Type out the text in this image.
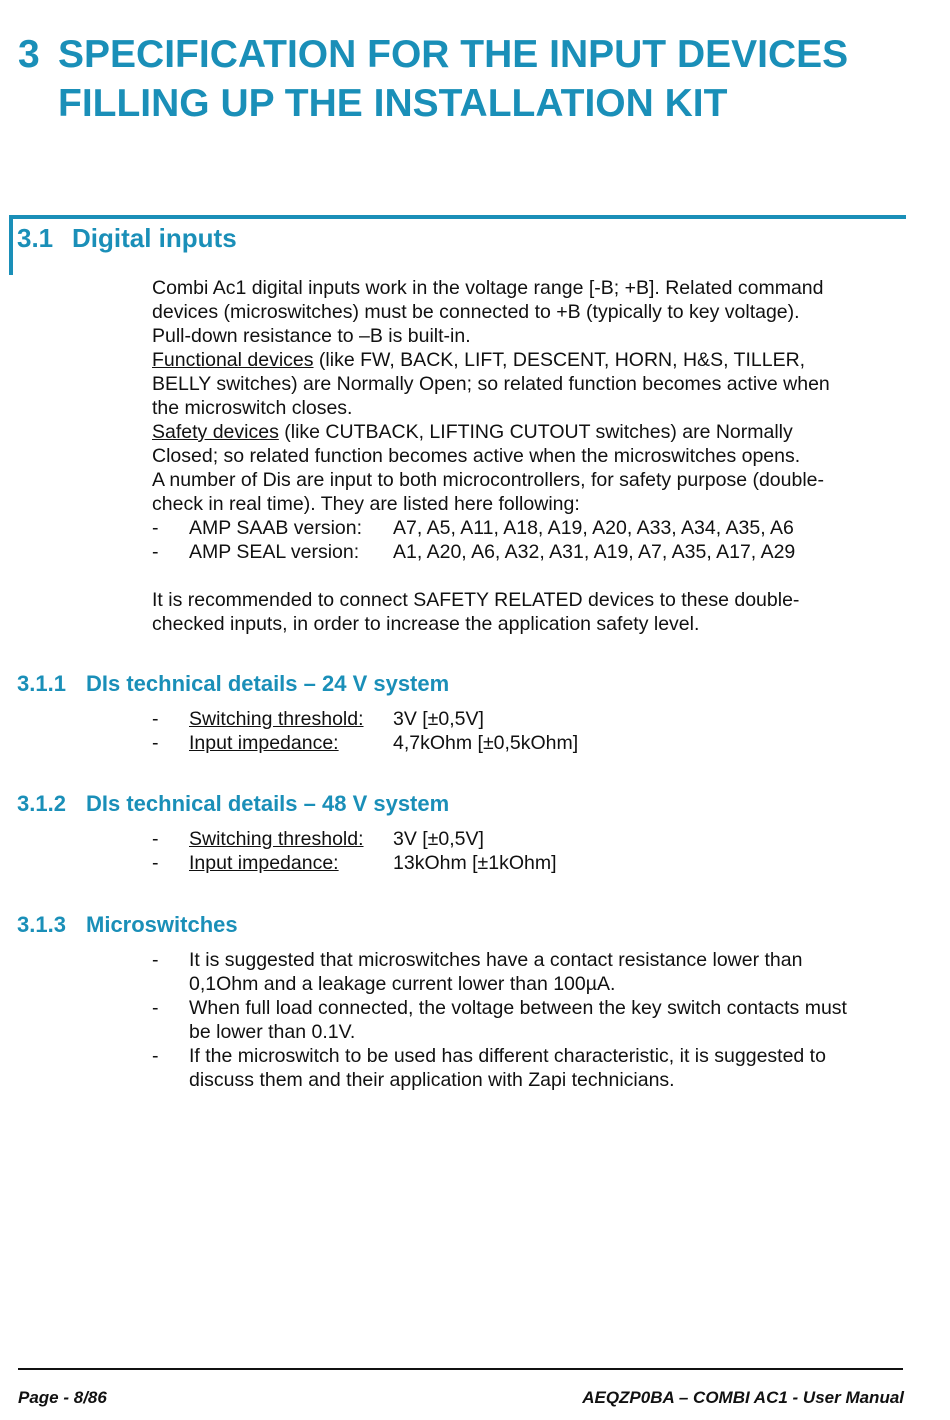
3 SPECIFICATION FOR THE INPUT DEVICES
FILLING UP THE INSTALLATION KIT
3.1 Digital inputs
Combi Ac1 digital inputs work in the voltage range [-B; +B]. Related command
devices (microswitches) must be connected to +B (typically to key voltage).
Pull-down resistance to –B is built-in.
Functional devices (like FW, BACK, LIFT, DESCENT, HORN, H&S, TILLER,
BELLY switches) are Normally Open; so related function becomes active when
the microswitch closes.
Safety devices (like CUTBACK, LIFTING CUTOUT switches) are Normally
Closed; so related function becomes active when the microswitches opens.
A number of Dis are input to both microcontrollers, for safety purpose (double-
check in real time). They are listed here following:
- AMP SAAB version: A7, A5, A11, A18, A19, A20, A33, A34, A35, A6
- AMP SEAL version: A1, A20, A6, A32, A31, A19, A7, A35, A17, A29
It is recommended to connect SAFETY RELATED devices to these double-
checked inputs, in order to increase the application safety level.
3.1.1 DIs technical details – 24 V system
- Switching threshold: 3V [±0,5V]
- Input impedance:	4,7kOhm [±0,5kOhm]
3.1.2 DIs technical details – 48 V system
- Switching threshold: 3V [±0,5V]
- Input impedance:	13kOhm [±1kOhm]
3.1.3 Microswitches
- It is suggested that microswitches have a contact resistance lower than
0,1Ohm and a leakage current lower than 100µA.
- When full load connected, the voltage between the key switch contacts must
be lower than 0.1V.
- If the microswitch to be used has different characteristic, it is suggested to
discuss them and their application with Zapi technicians.
Page - 8/86	AEQZP0BA – COMBI AC1 - User Manual
